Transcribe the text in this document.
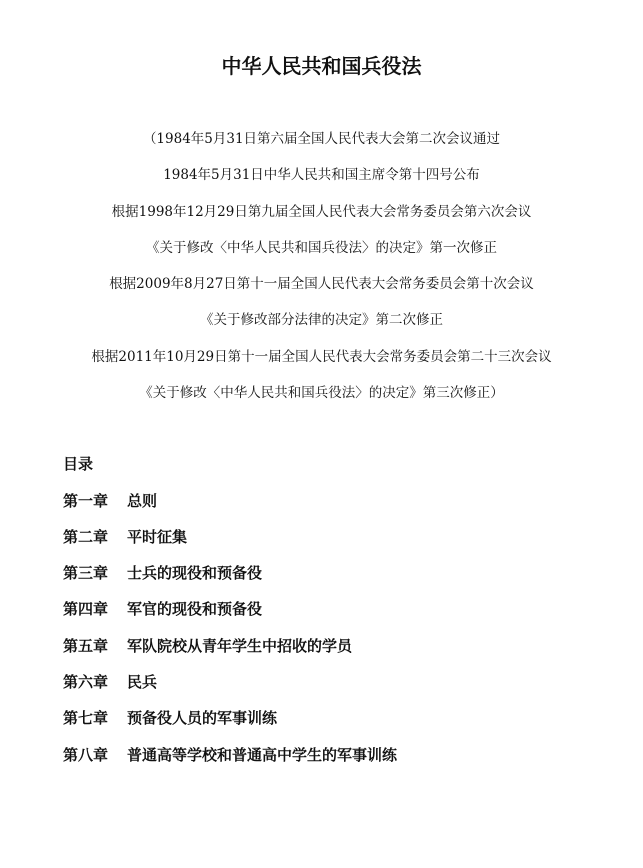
中华人民共和国兵役法
（1984年5月31日第六届全国人民代表大会第二次会议通过
1984年5月31日中华人民共和国主席令第十四号公布
根据1998年12月29日第九届全国人民代表大会常务委员会第六次会议
《关于修改〈中华人民共和国兵役法〉的决定》第一次修正
根据2009年8月27日第十一届全国人民代表大会常务委员会第十次会议
《关于修改部分法律的决定》第二次修正
根据2011年10月29日第十一届全国人民代表大会常务委员会第二十三次会议
《关于修改〈中华人民共和国兵役法〉的决定》第三次修正）
目录
第一章 总则
第二章 平时征集
第三章 士兵的现役和预备役
第四章 军官的现役和预备役
第五章 军队院校从青年学生中招收的学员
第六章 民兵
第七章 预备役人员的军事训练
第八章 普通高等学校和普通高中学生的军事训练
